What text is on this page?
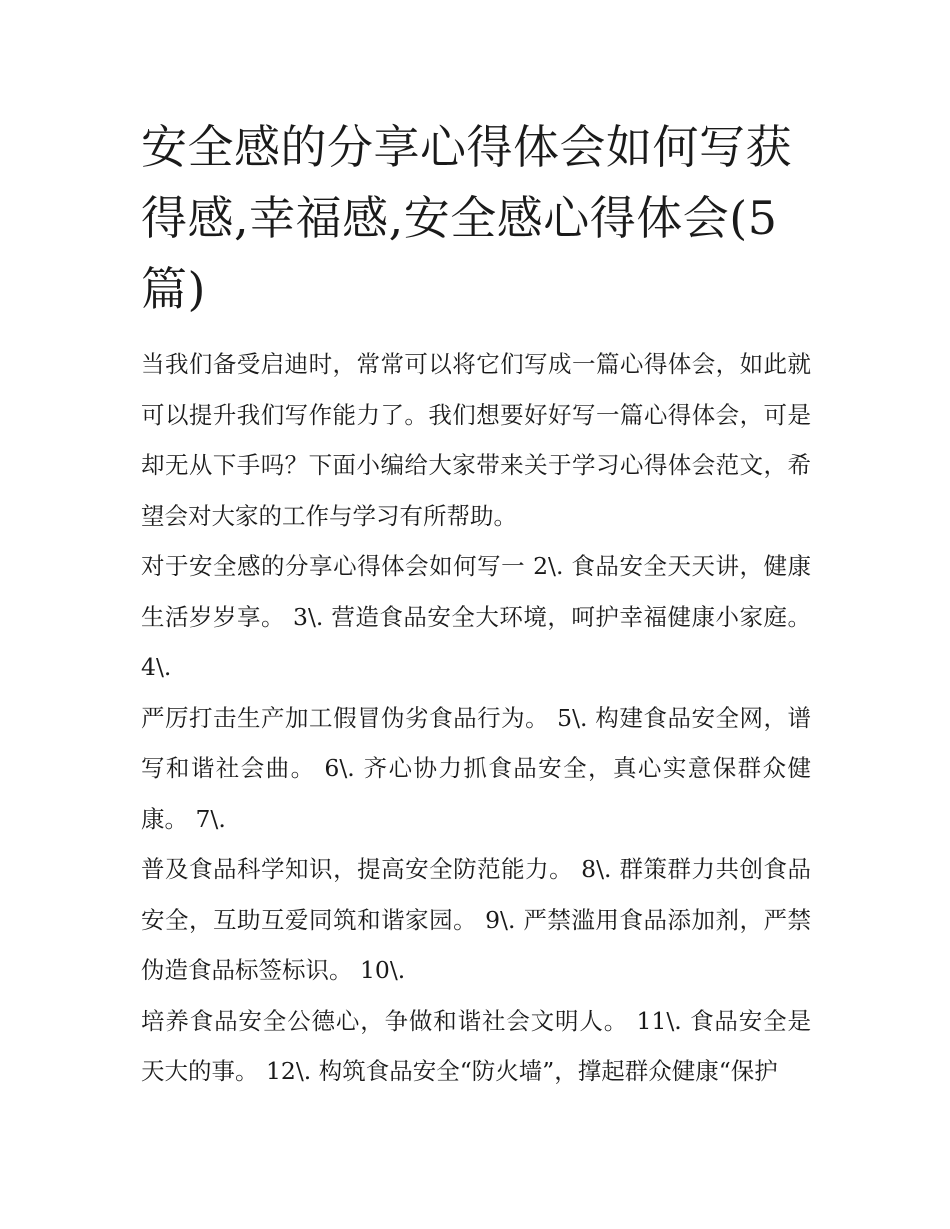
安全感的分享心得体会如何写获得感,幸福感,安全感心得体会(5篇)

当我们备受启迪时，常常可以将它们写成一篇心得体会，如此就可以提升我们写作能力了。我们想要好好写一篇心得体会，可是却无从下手吗？下面小编给大家带来关于学习心得体会范文，希望会对大家的工作与学习有所帮助。

对于安全感的分享心得体会如何写一 2\. 食品安全天天讲，健康生活岁岁享。 3\. 营造食品安全大环境，呵护幸福健康小家庭。 4\.

严厉打击生产加工假冒伪劣食品行为。 5\. 构建食品安全网，谱写和谐社会曲。 6\. 齐心协力抓食品安全，真心实意保群众健康。 7\.

普及食品科学知识，提高安全防范能力。 8\. 群策群力共创食品安全，互助互爱同筑和谐家园。 9\. 严禁滥用食品添加剂，严禁伪造食品标签标识。 10\.

培养食品安全公德心，争做和谐社会文明人。 11\. 食品安全是天大的事。 12\. 构筑食品安全“防火墙”，撑起群众健康“保护
